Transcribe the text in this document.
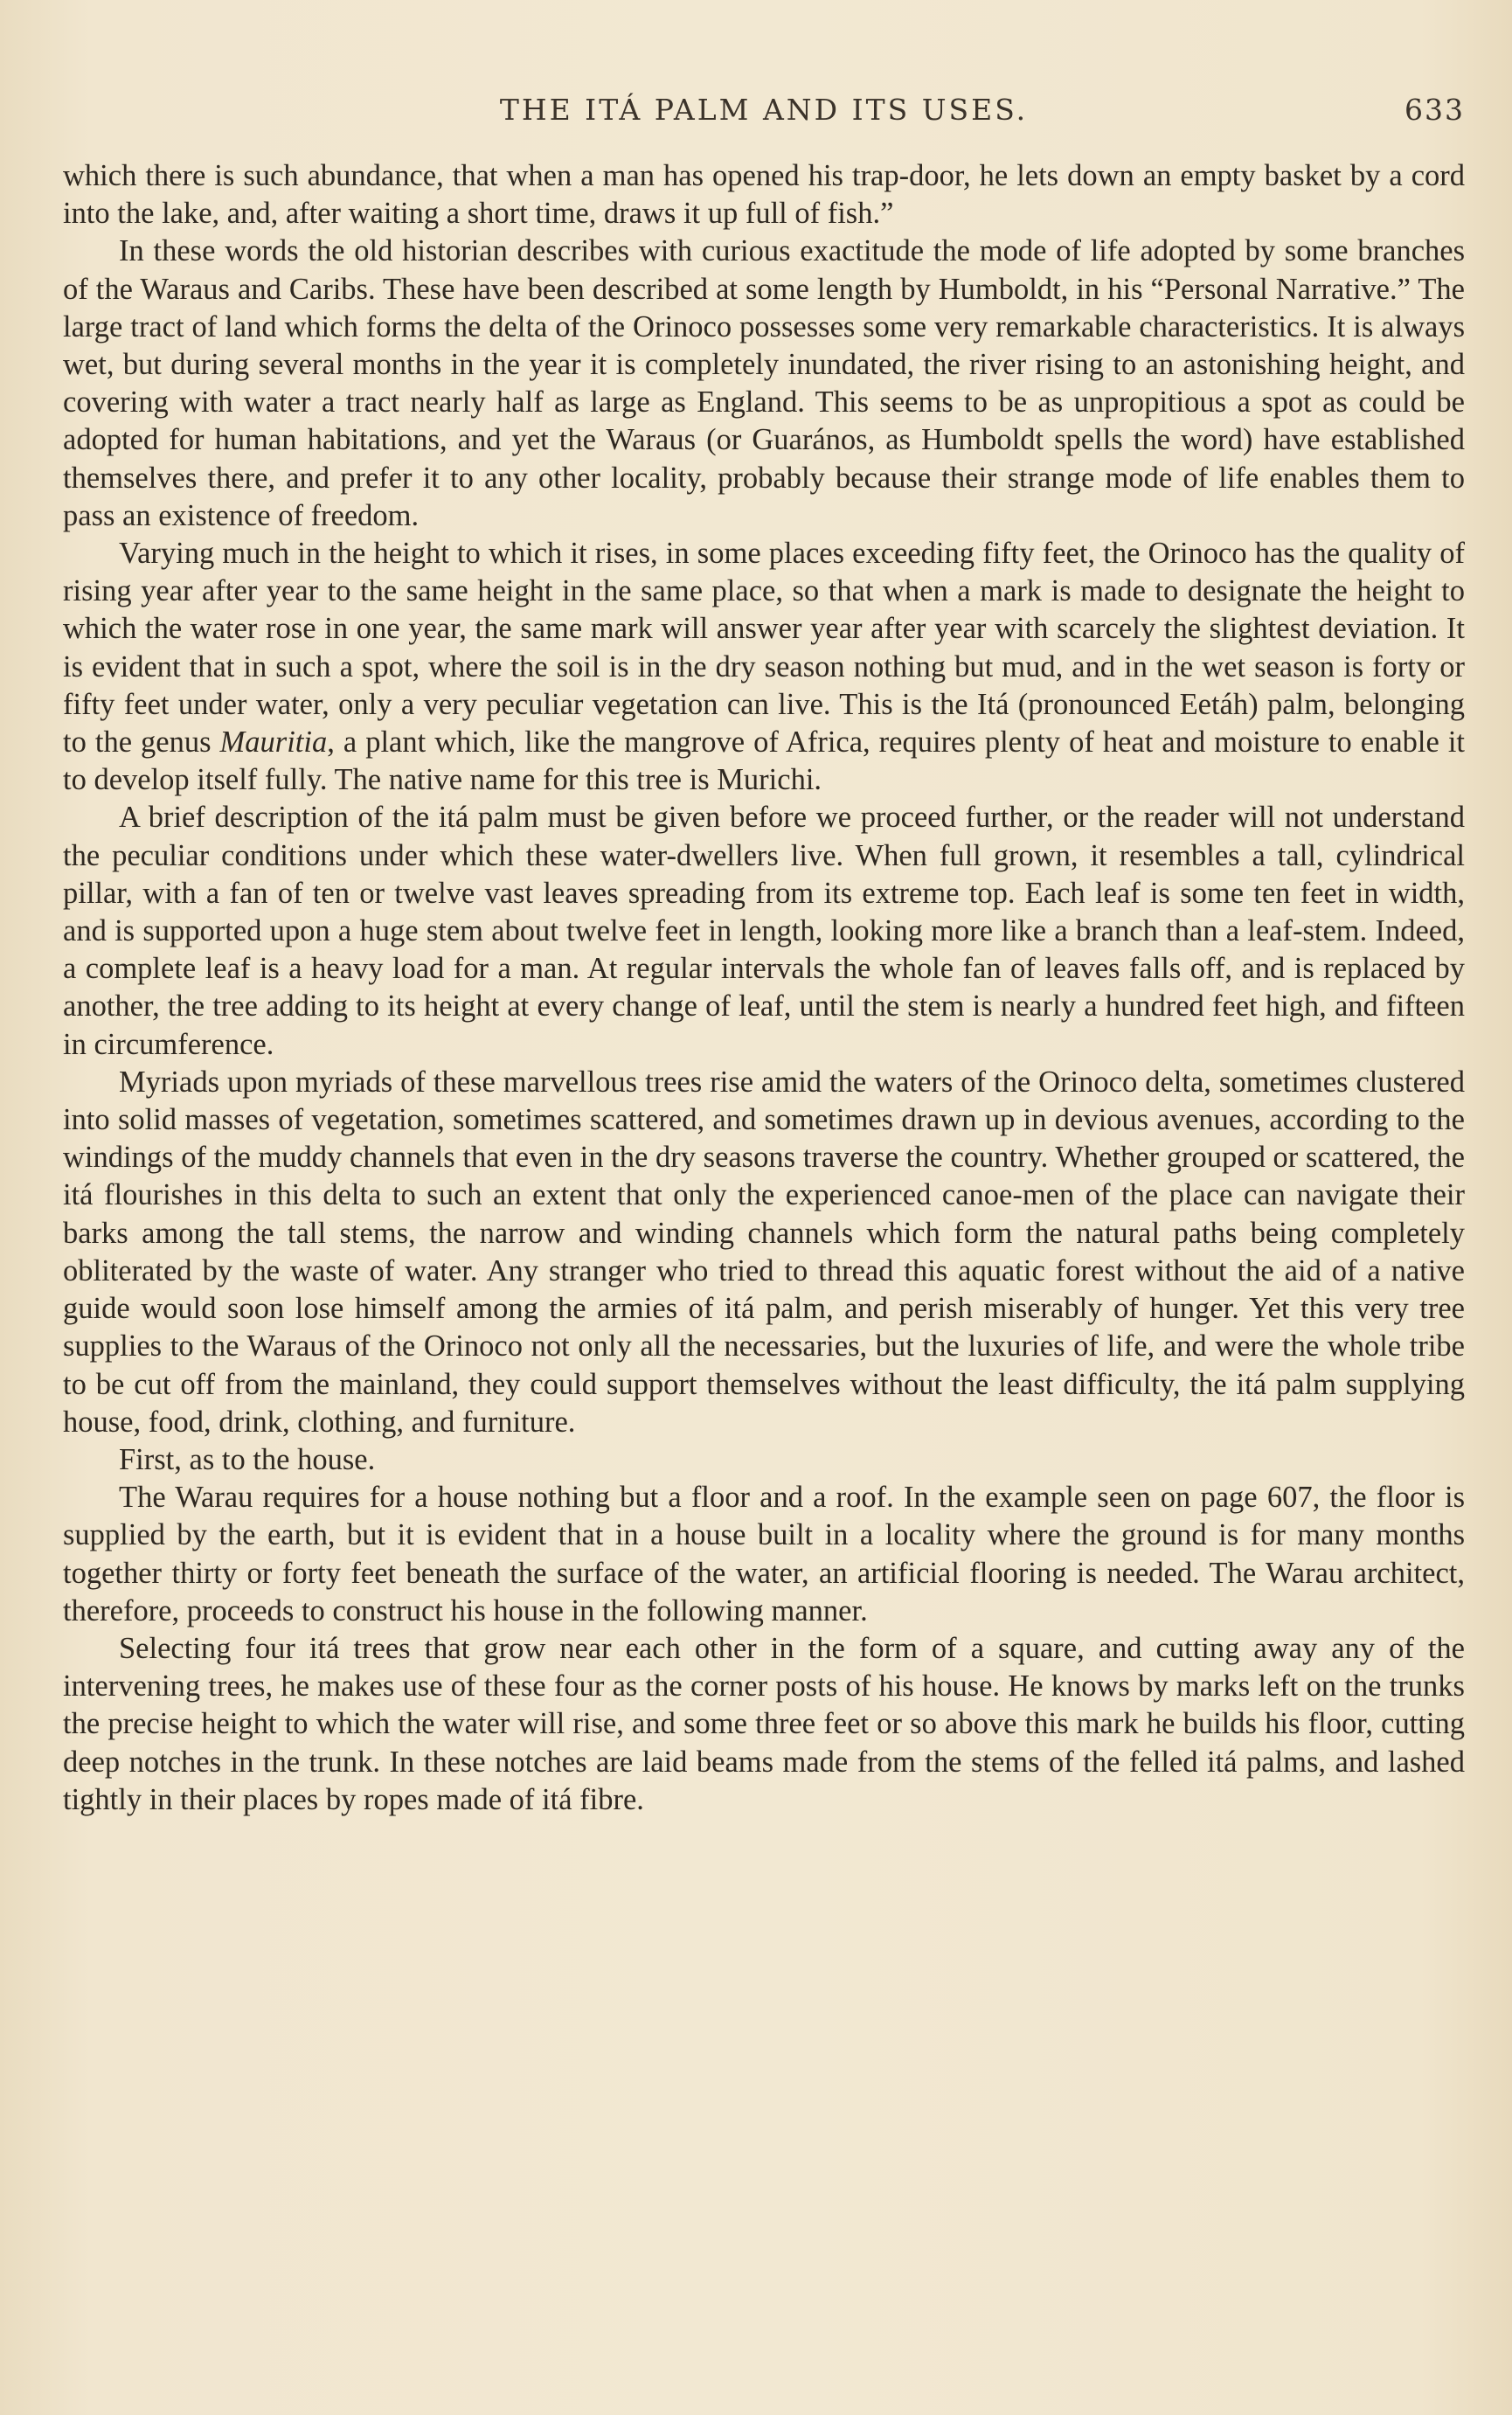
THE ITÁ PALM AND ITS USES.	633

which there is such abundance, that when a man has opened his trap-door, he lets down an empty basket by a cord into the lake, and, after waiting a short time, draws it up full of fish.”

In these words the old historian describes with curious exactitude the mode of life adopted by some branches of the Waraus and Caribs. These have been described at some length by Humboldt, in his “Personal Narrative.” The large tract of land which forms the delta of the Orinoco possesses some very remarkable characteristics. It is always wet, but during several months in the year it is completely inundated, the river rising to an astonishing height, and covering with water a tract nearly half as large as England. This seems to be as unpropitious a spot as could be adopted for human habitations, and yet the Waraus (or Guarános, as Humboldt spells the word) have established themselves there, and prefer it to any other locality, probably because their strange mode of life enables them to pass an existence of freedom.

Varying much in the height to which it rises, in some places exceeding fifty feet, the Orinoco has the quality of rising year after year to the same height in the same place, so that when a mark is made to designate the height to which the water rose in one year, the same mark will answer year after year with scarcely the slightest deviation. It is evident that in such a spot, where the soil is in the dry season nothing but mud, and in the wet season is forty or fifty feet under water, only a very peculiar vegetation can live. This is the Itá (pronounced Eetáh) palm, belonging to the genus Mauritia, a plant which, like the mangrove of Africa, requires plenty of heat and moisture to enable it to develop itself fully. The native name for this tree is Murichi.

A brief description of the itá palm must be given before we proceed further, or the reader will not understand the peculiar conditions under which these water-dwellers live. When full grown, it resembles a tall, cylindrical pillar, with a fan of ten or twelve vast leaves spreading from its extreme top. Each leaf is some ten feet in width, and is supported upon a huge stem about twelve feet in length, looking more like a branch than a leaf-stem. Indeed, a complete leaf is a heavy load for a man. At regular intervals the whole fan of leaves falls off, and is replaced by another, the tree adding to its height at every change of leaf, until the stem is nearly a hundred feet high, and fifteen in circumference.

Myriads upon myriads of these marvellous trees rise amid the waters of the Orinoco delta, sometimes clustered into solid masses of vegetation, sometimes scattered, and sometimes drawn up in devious avenues, according to the windings of the muddy channels that even in the dry seasons traverse the country. Whether grouped or scattered, the itá flourishes in this delta to such an extent that only the experienced canoe-men of the place can navigate their barks among the tall stems, the narrow and winding channels which form the natural paths being completely obliterated by the waste of water. Any stranger who tried to thread this aquatic forest without the aid of a native guide would soon lose himself among the armies of itá palm, and perish miserably of hunger. Yet this very tree supplies to the Waraus of the Orinoco not only all the necessaries, but the luxuries of life, and were the whole tribe to be cut off from the mainland, they could support themselves without the least difficulty, the itá palm supplying house, food, drink, clothing, and furniture.

First, as to the house.

The Warau requires for a house nothing but a floor and a roof. In the example seen on page 607, the floor is supplied by the earth, but it is evident that in a house built in a locality where the ground is for many months together thirty or forty feet beneath the surface of the water, an artificial flooring is needed. The Warau architect, therefore, proceeds to construct his house in the following manner.

Selecting four itá trees that grow near each other in the form of a square, and cutting away any of the intervening trees, he makes use of these four as the corner posts of his house. He knows by marks left on the trunks the precise height to which the water will rise, and some three feet or so above this mark he builds his floor, cutting deep notches in the trunk. In these notches are laid beams made from the stems of the felled itá palms, and lashed tightly in their places by ropes made of itá fibre.
